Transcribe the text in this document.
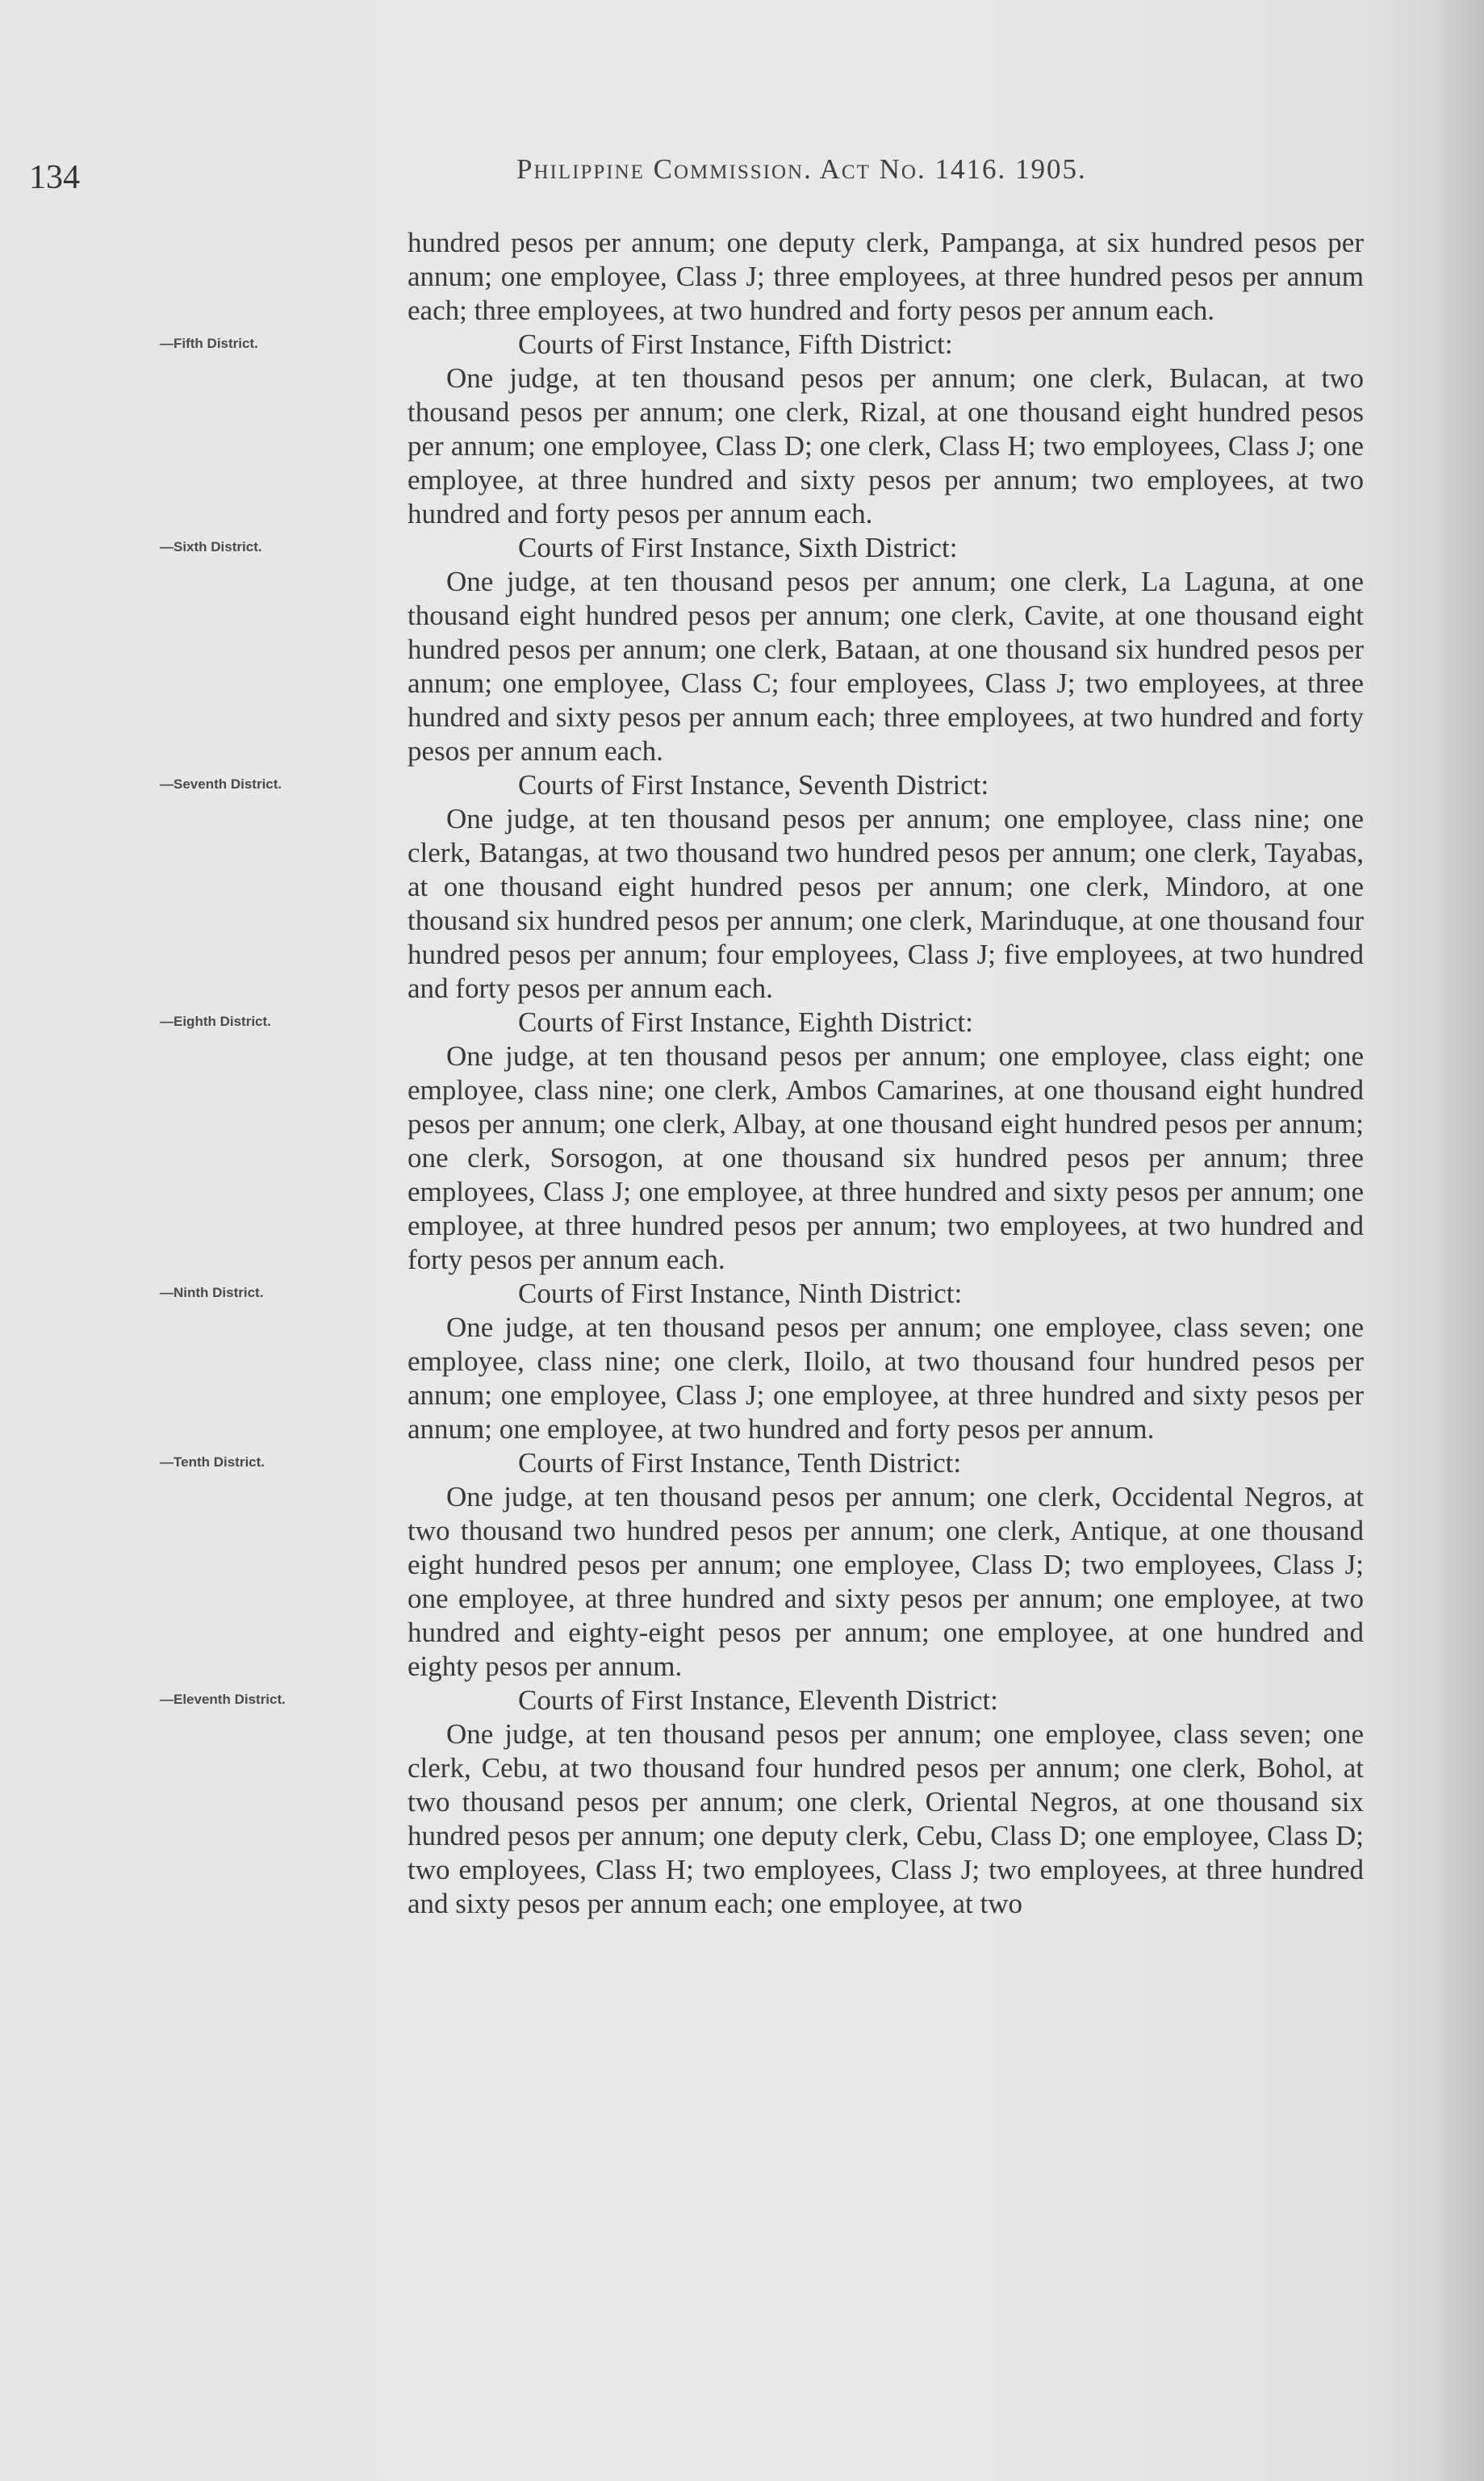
134	Philippine Commission. Act No. 1416. 1905.

hundred pesos per annum; one deputy clerk, Pampanga, at six hundred pesos per annum; one employee, Class J; three employees, at three hundred pesos per annum each; three employees, at two hundred and forty pesos per annum each.

—Fifth District.	Courts of First Instance, Fifth District:

One judge, at ten thousand pesos per annum; one clerk, Bulacan, at two thousand pesos per annum; one clerk, Rizal, at one thousand eight hundred pesos per annum; one employee, Class D; one clerk, Class H; two employees, Class J; one employee, at three hundred and sixty pesos per annum; two employees, at two hundred and forty pesos per annum each.

—Sixth District.	Courts of First Instance, Sixth District:

One judge, at ten thousand pesos per annum; one clerk, La Laguna, at one thousand eight hundred pesos per annum; one clerk, Cavite, at one thousand eight hundred pesos per annum; one clerk, Bataan, at one thousand six hundred pesos per annum; one employee, Class C; four employees, Class J; two employees, at three hundred and sixty pesos per annum each; three employees, at two hundred and forty pesos per annum each.

—Seventh District.	Courts of First Instance, Seventh District:

One judge, at ten thousand pesos per annum; one employee, class nine; one clerk, Batangas, at two thousand two hundred pesos per annum; one clerk, Tayabas, at one thousand eight hundred pesos per annum; one clerk, Mindoro, at one thousand six hundred pesos per annum; one clerk, Marinduque, at one thousand four hundred pesos per annum; four employees, Class J; five employees, at two hundred and forty pesos per annum each.

—Eighth District.	Courts of First Instance, Eighth District:

One judge, at ten thousand pesos per annum; one employee, class eight; one employee, class nine; one clerk, Ambos Camarines, at one thousand eight hundred pesos per annum; one clerk, Albay, at one thousand eight hundred pesos per annum; one clerk, Sorsogon, at one thousand six hundred pesos per annum; three employees, Class J; one employee, at three hundred and sixty pesos per annum; one employee, at three hundred pesos per annum; two employees, at two hundred and forty pesos per annum each.

—Ninth District.	Courts of First Instance, Ninth District:

One judge, at ten thousand pesos per annum; one employee, class seven; one employee, class nine; one clerk, Iloilo, at two thousand four hundred pesos per annum; one employee, Class J; one employee, at three hundred and sixty pesos per annum; one employee, at two hundred and forty pesos per annum.

—Tenth District.	Courts of First Instance, Tenth District:

One judge, at ten thousand pesos per annum; one clerk, Occidental Negros, at two thousand two hundred pesos per annum; one clerk, Antique, at one thousand eight hundred pesos per annum; one employee, Class D; two employees, Class J; one employee, at three hundred and sixty pesos per annum; one employee, at two hundred and eighty-eight pesos per annum; one employee, at one hundred and eighty pesos per annum.

—Eleventh District.	Courts of First Instance, Eleventh District:

One judge, at ten thousand pesos per annum; one employee, class seven; one clerk, Cebu, at two thousand four hundred pesos per annum; one clerk, Bohol, at two thousand pesos per annum; one clerk, Oriental Negros, at one thousand six hundred pesos per annum; one deputy clerk, Cebu, Class D; one employee, Class D; two employees, Class H; two employees, Class J; two employees, at three hundred and sixty pesos per annum each; one employee, at two
